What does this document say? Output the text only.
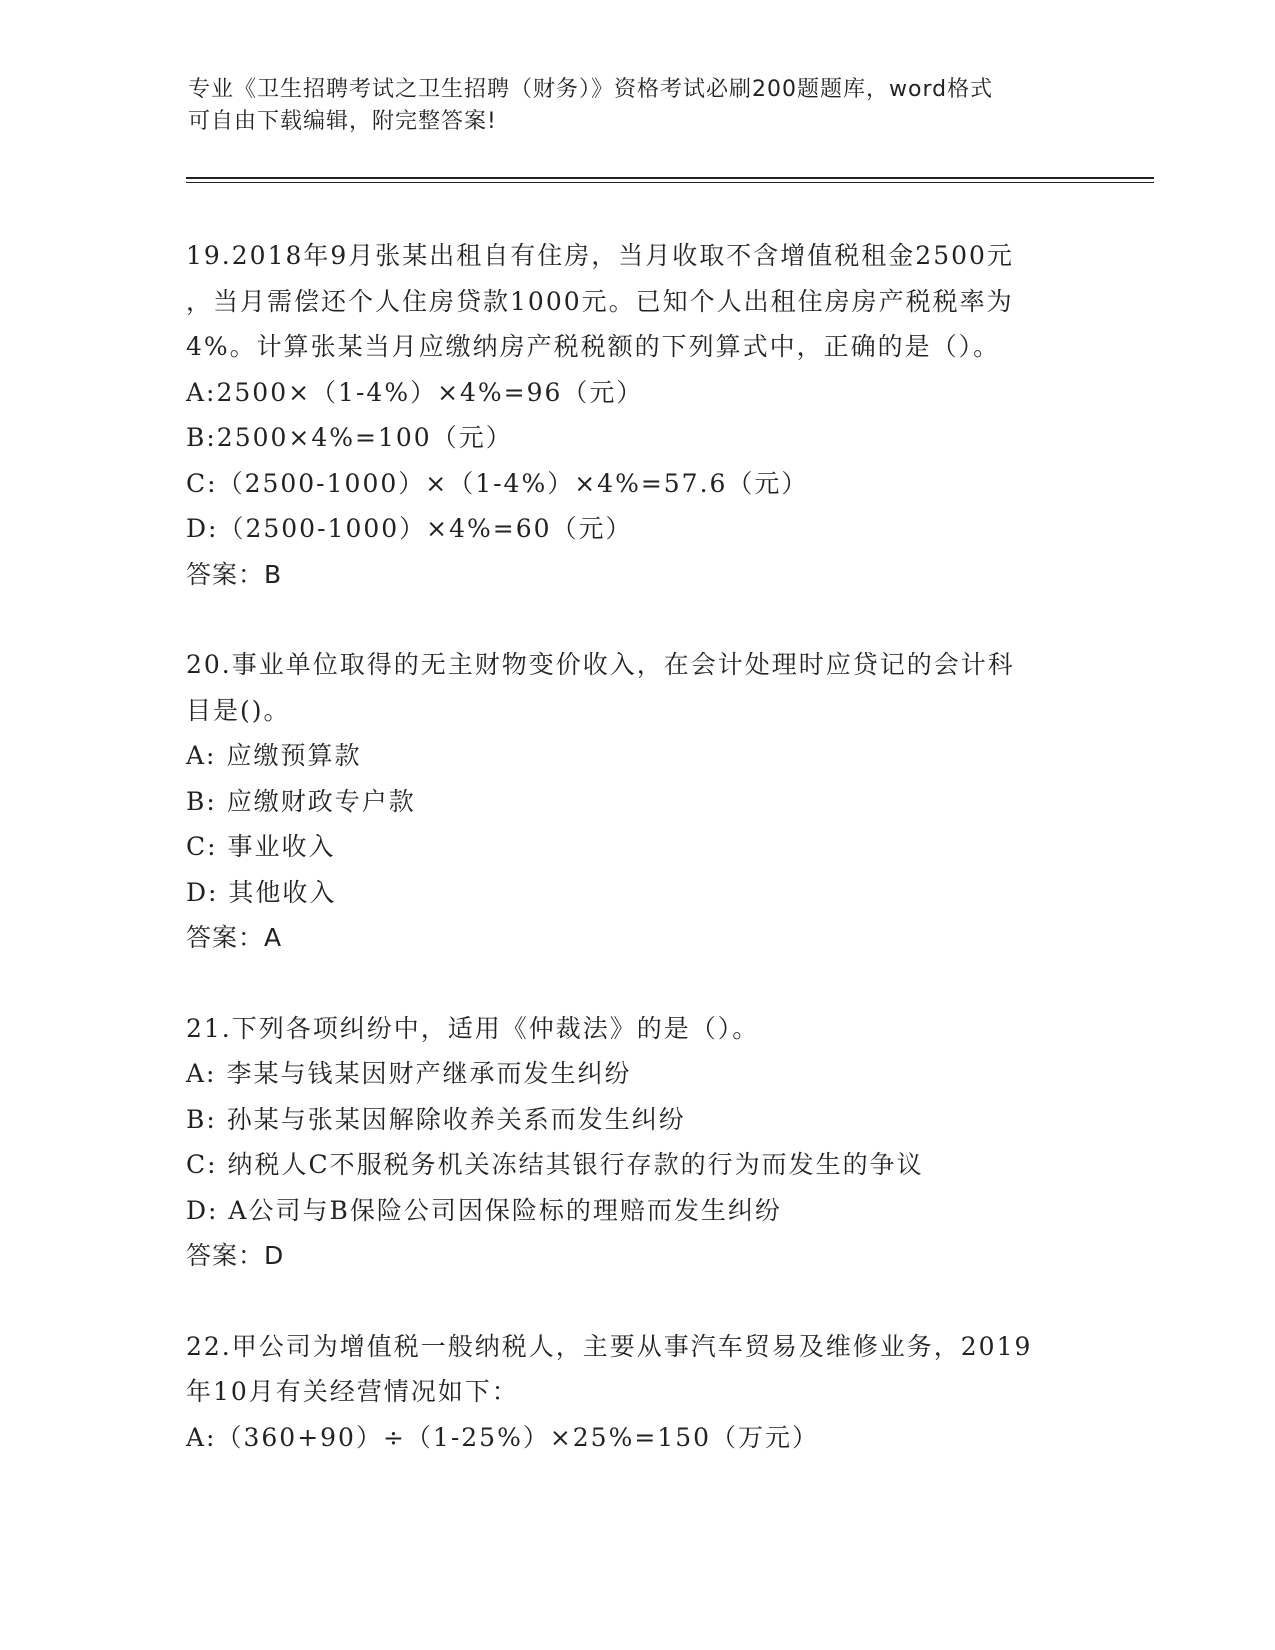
专业《卫生招聘考试之卫生招聘（财务）》资格考试必刷200题题库，word格式
可自由下载编辑，附完整答案!
19.2018年9月张某出租自有住房，当月收取不含增值税租金2500元
，当月需偿还个人住房贷款1000元。已知个人出租住房房产税税率为
4%。计算张某当月应缴纳房产税税额的下列算式中，正确的是（）。
A:2500×（1-4%）×4%=96（元）
B:2500×4%=100（元）
C:（2500-1000）×（1-4%）×4%=57.6（元）
D:（2500-1000）×4%=60（元）
答案：B
20.事业单位取得的无主财物变价收入，在会计处理时应贷记的会计科
目是()。
A: 应缴预算款
B: 应缴财政专户款
C: 事业收入
D: 其他收入
答案：A
21.下列各项纠纷中，适用《仲裁法》的是（）。
A: 李某与钱某因财产继承而发生纠纷
B: 孙某与张某因解除收养关系而发生纠纷
C: 纳税人C不服税务机关冻结其银行存款的行为而发生的争议
D: A公司与B保险公司因保险标的理赔而发生纠纷
答案：D
22.甲公司为增值税一般纳税人，主要从事汽车贸易及维修业务，2019
年10月有关经营情况如下：
A:（360+90）÷（1-25%）×25%=150（万元）
